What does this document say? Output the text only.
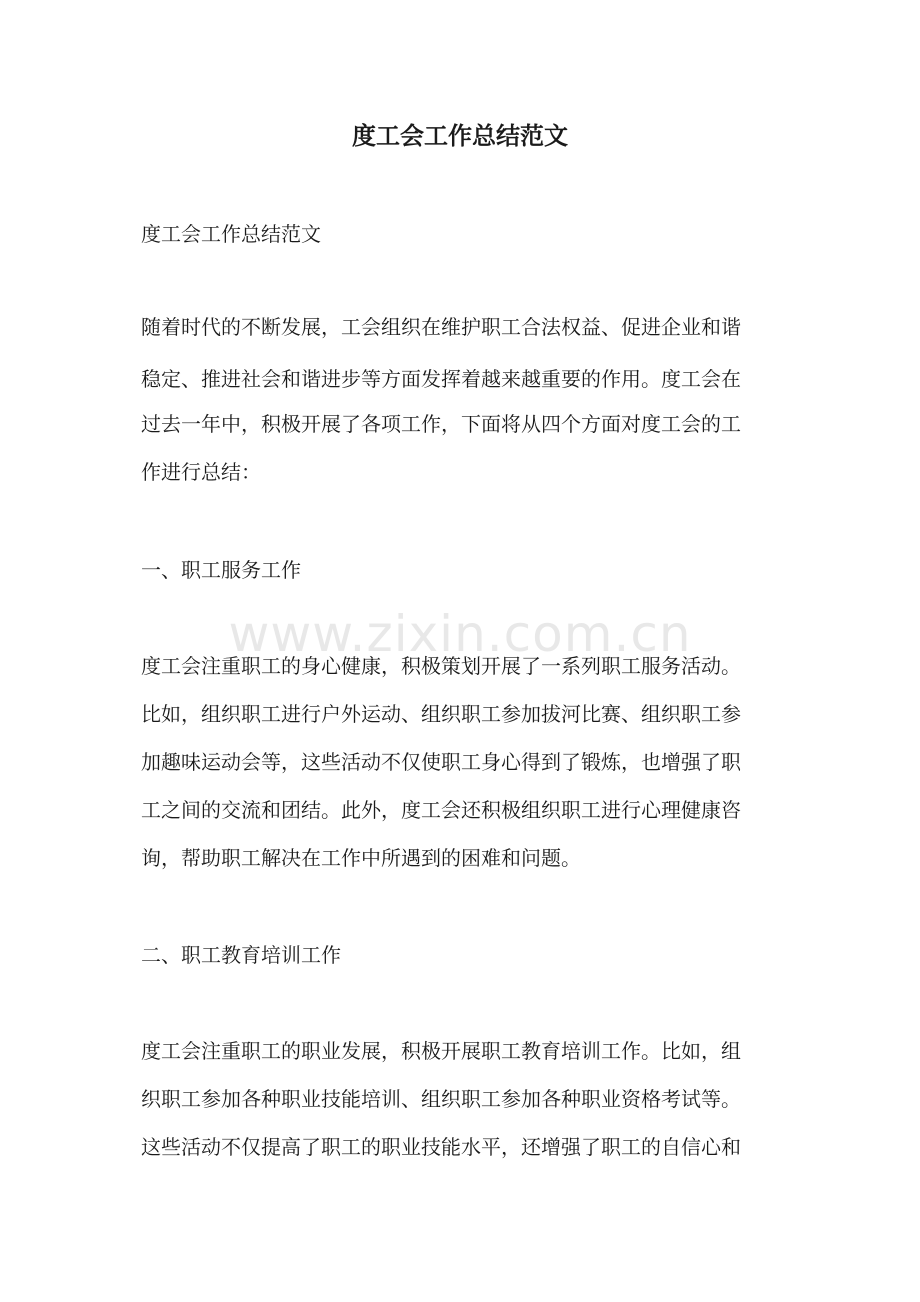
度工会工作总结范文

度工会工作总结范文

随着时代的不断发展，工会组织在维护职工合法权益、促进企业和谐

稳定、推进社会和谐进步等方面发挥着越来越重要的作用。度工会在

过去一年中，积极开展了各项工作，下面将从四个方面对度工会的工

作进行总结：

一、职工服务工作

度工会注重职工的身心健康，积极策划开展了一系列职工服务活动。

比如，组织职工进行户外运动、组织职工参加拔河比赛、组织职工参

加趣味运动会等，这些活动不仅使职工身心得到了锻炼，也增强了职

工之间的交流和团结。此外，度工会还积极组织职工进行心理健康咨

询，帮助职工解决在工作中所遇到的困难和问题。

二、职工教育培训工作

度工会注重职工的职业发展，积极开展职工教育培训工作。比如，组

织职工参加各种职业技能培训、组织职工参加各种职业资格考试等。

这些活动不仅提高了职工的职业技能水平，还增强了职工的自信心和

www.zixin.com.cn
